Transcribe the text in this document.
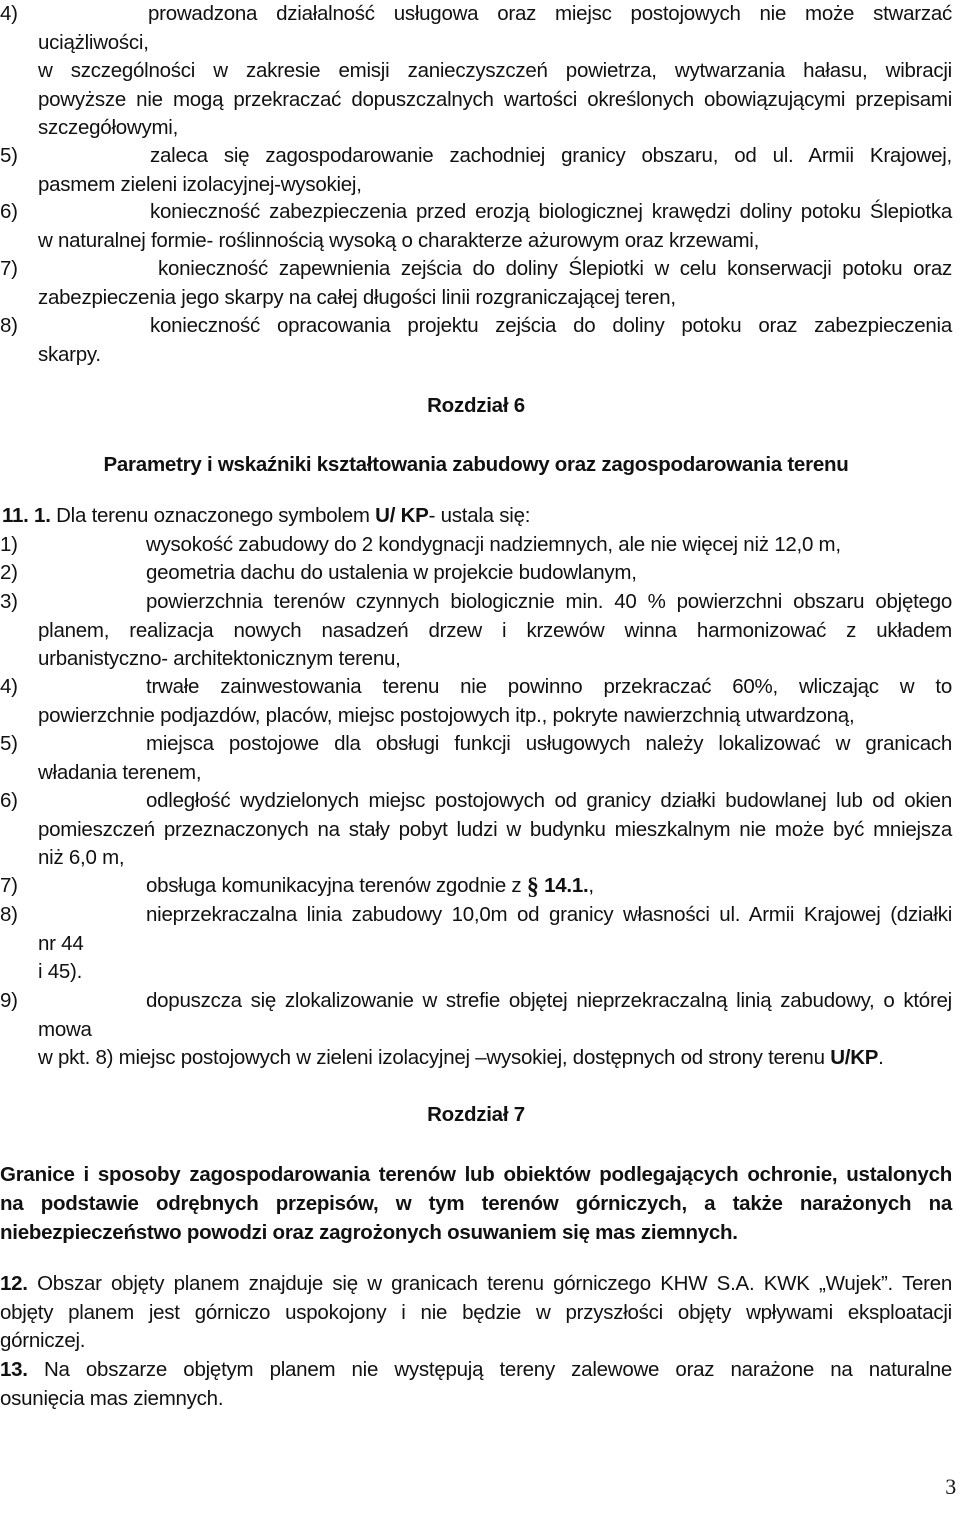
4)	prowadzona działalność usługowa oraz miejsc postojowych nie może stwarzać
uciążliwości,
w szczególności w zakresie emisji zanieczyszczeń powietrza, wytwarzania hałasu, wibracji
powyższe nie mogą przekraczać dopuszczalnych wartości określonych obowiązującymi przepisami
szczegółowymi,
5)	zaleca się zagospodarowanie zachodniej granicy obszaru, od ul. Armii Krajowej,
pasmem zieleni izolacyjnej-wysokiej,
6)	konieczność zabezpieczenia przed erozją biologicznej krawędzi doliny potoku Ślepiotka
w naturalnej formie- roślinnością wysoką o charakterze ażurowym oraz krzewami,
7)	konieczność zapewnienia zejścia do doliny Ślepiotki w celu konserwacji potoku oraz
zabezpieczenia jego skarpy na całej długości linii rozgraniczającej teren,
8)	konieczność opracowania projektu zejścia do doliny potoku oraz zabezpieczenia
skarpy.
Rozdział 6
Parametry i wskaźniki kształtowania zabudowy oraz zagospodarowania terenu
11. 1. Dla terenu oznaczonego symbolem U/ KP- ustala się:
1)	wysokość zabudowy do 2 kondygnacji nadziemnych, ale nie więcej niż 12,0 m,
2)	geometria dachu do ustalenia w projekcie budowlanym,
3)	powierzchnia terenów czynnych biologicznie min. 40 % powierzchni obszaru objętego
planem, realizacja nowych nasadzeń drzew i krzewów winna harmonizować z układem
urbanistyczno- architektonicznym terenu,
4)	trwałe zainwestowania terenu nie powinno przekraczać 60%, wliczając w to
powierzchnie podjazdów, placów, miejsc postojowych itp., pokryte nawierzchnią utwardzoną,
5)	miejsca postojowe dla obsługi funkcji usługowych należy lokalizować w granicach
władania terenem,
6)	odległość wydzielonych miejsc postojowych od granicy działki budowlanej lub od okien
pomieszczeń przeznaczonych na stały pobyt ludzi w budynku mieszkalnym nie może być mniejsza
niż 6,0 m,
7)	obsługa komunikacyjna terenów zgodnie z § 14.1.,
8)	nieprzekraczalna linia zabudowy 10,0m od granicy własności ul. Armii Krajowej (działki
nr 44
i 45).
9)	dopuszcza się zlokalizowanie w strefie objętej nieprzekraczalną linią zabudowy, o której
mowa
w pkt. 8) miejsc postojowych w zieleni izolacyjnej –wysokiej, dostępnych od strony terenu U/KP.
Rozdział 7
Granice i sposoby zagospodarowania terenów lub obiektów podlegających ochronie, ustalonych
na podstawie odrębnych przepisów, w tym terenów górniczych, a także narażonych na
niebezpieczeństwo powodzi oraz zagrożonych osuwaniem się mas ziemnych.
12. Obszar objęty planem znajduje się w granicach terenu górniczego KHW S.A. KWK „Wujek”. Teren
objęty planem jest górniczo uspokojony i nie będzie w przyszłości objęty wpływami eksploatacji
górniczej.
13. Na obszarze objętym planem nie występują tereny zalewowe oraz narażone na naturalne
osunięcia mas ziemnych.
3
